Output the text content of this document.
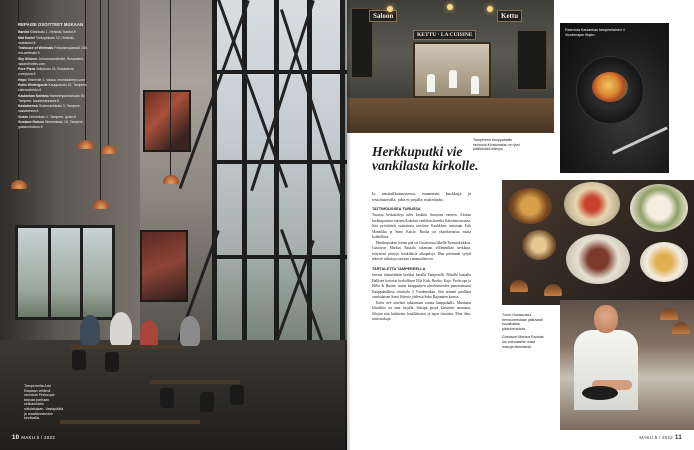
REPAISE OSOITTEET MUKAAN
Bardot Kiltahkatu 1, Helsinki, bardot.fi
Mat Daniel Tohlopinkatu 12, Helsinki, matdaniel.fi
Teahouse of Wellmals Pohjoisesplanadi 23A, tea-wellmals.fi
Sky Kitchen Juhannusmäentie, Rovaniemi, laplandhotels.com
Pure Pizza Valkokuru 24, Rovaniemi, purepizza.fi
Hepo Seimintie 1, Vaasa, ravintolahepo.com
Roito Wintergorde Kauppakatu 15, Tampere, kalevankirkko.fi
Kaulaekan Kartano Hameenpuistonkatu 50, Tampere, kaulaekanranta.fi
Kasiainesso Grahmaninkatu 3, Tampere, kasiainesso.fi
Gusto Linnankatu 1, Tampere, gusto.fi
Gustavo Holson Niemenkatu 19, Tampere, gustavoholson.fi
Tampereella Arto Rantaan vetämä ravintola Periscope tarjoaa parhaan sinikäsinään näköalojaan. Vastapäätä ja maaltanniemien kevävalla.
10 MAKU 5 / 2022
Saloon
KETTU · LA CUISINE
Kettu
Ravintola Kaulaekan tamperelainen 4 Vuodenajan tilojen.
Tampereen kauppahallin ravintola Kivatorraksu on yksi päättävästi elämys.
Herkkuputki vie vankilasta kirkolle.
Ie sanitatlkamossessa, munnesin kurkkuja ja restolatavalla, joka ei pojalla ristitetäsän.
TATTIMOUSSEA TURUSSA

Turussa herkutteleja tulee kesäkin Aurajoen varteen. Aloitan herkkupuiston entisen Kakolan vankilan alueelta Kakolanruusussa. Sitä pyörittävät suitsutusta tarvitsee Kaakkisen omistajat Erik Mansikka ja Simo Kaisto. Ruoka on yksinkertaista mutta kohdallista.

Herkkuputken toinen pää on Gustavossa lähellä Tuomiokirkkoa. Gustavon Markus Rautala takanaan villimmiltää herkkuja, erityisesti pintoja, haukilaisia alkupaloja. Illan pitemmät syöjät tekevät valintoja suoraan viinimaalistoon.

TARTALETTA TAMPEREELLA

Suoraa isännöidään kesäksi kesalla Tamperellt. Pitkällä kaaralla Hallisen hottavat herkullisen Ulla Kirk, Bertha, Kajo. Periscope ja Hella & Huone, mutta kauppaajien alustlisasteiden paneerattunut Kauppahallissa ravintola 4 Vuodenaikaa. Sitä isännöi paulliset ranskalaisen Sami Ichteriz yhdessä Suho Rajamäen kanssa.

Kettu nee aineluet takaamaan rantaa kauppahalla. Muutama klassikko on aina tarjolla. Siksipä pysyä klassinen naaraatar, Silojen niin kalakeitto bouillabaisse ja tapas tiistaisin. Mon dieu, mitä makuja.

Turun Gustavossa herrauomistaan jatkuvasti kuvaillaista pikkuherkuista.
Gustavon Markus Rautala luo turkulaisille uusia makuja klassisesti.
MAKU 5 / 2022 11
